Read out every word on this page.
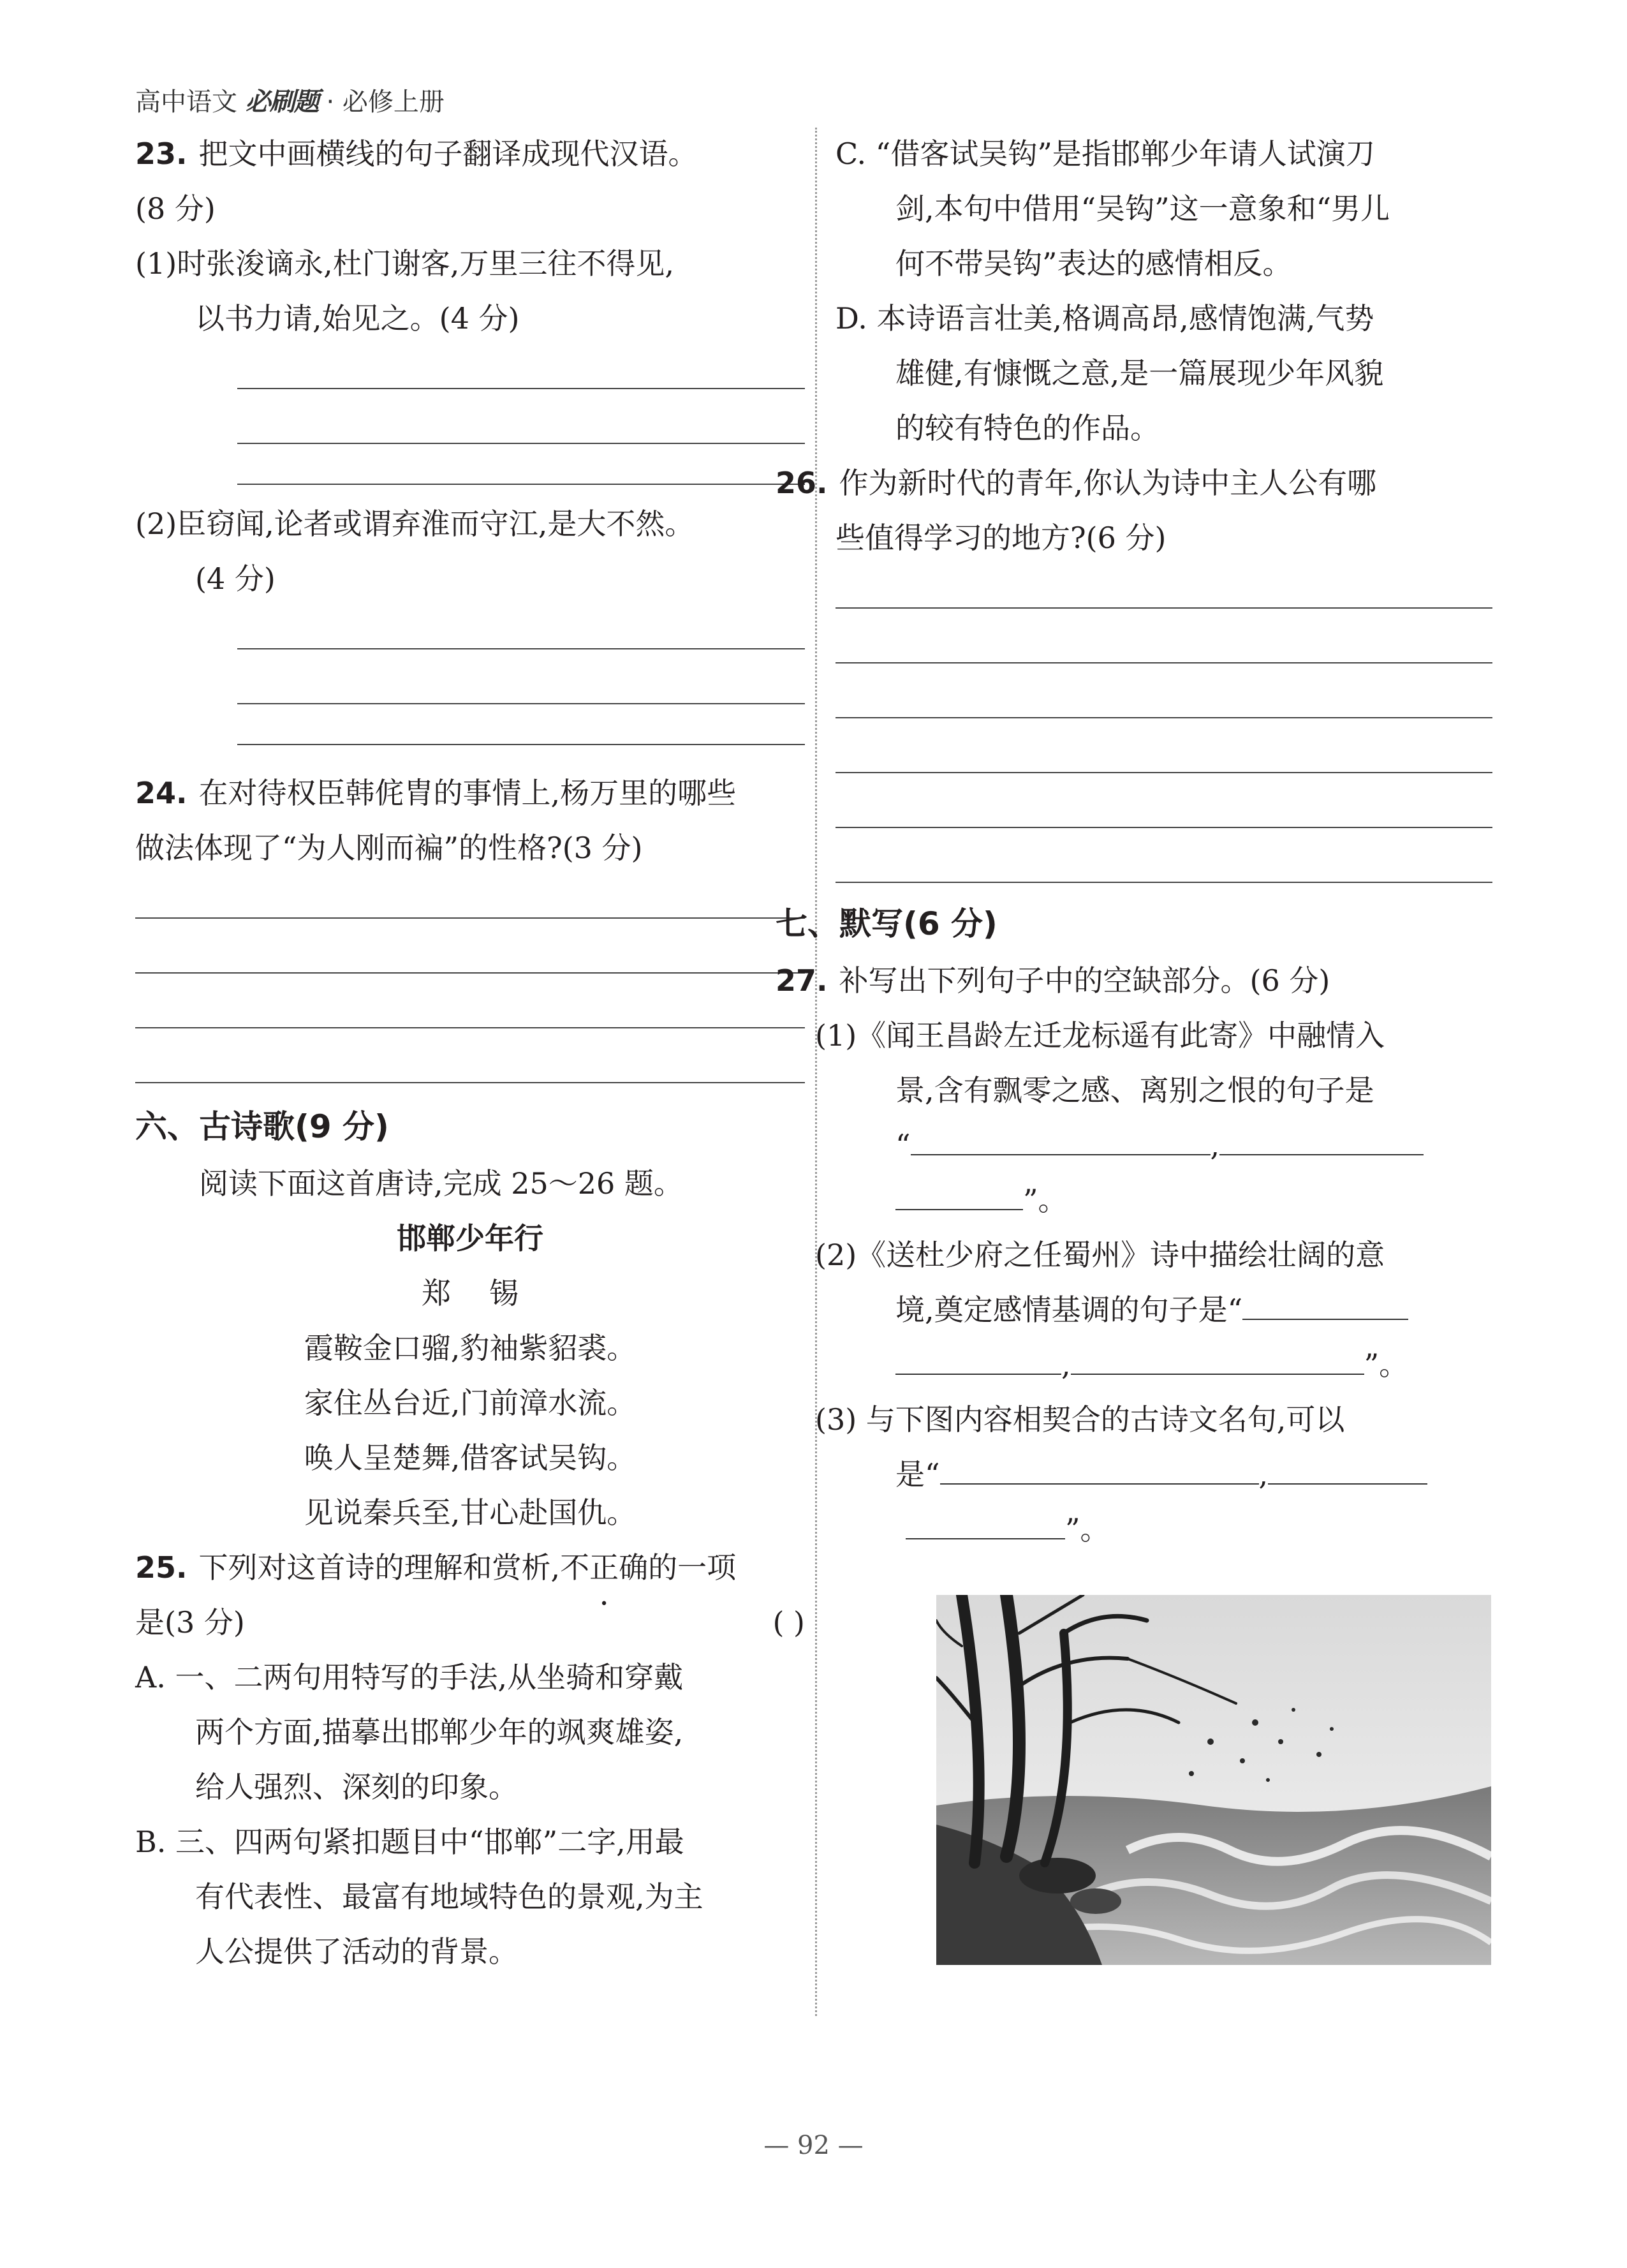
高中语文 必刷题 · 必修上册
23. 把文中画横线的句子翻译成现代汉语。
(8 分)
(1)时张浚谪永,杜门谢客,万里三往不得见,
以书力请,始见之。(4 分)
(2)臣窃闻,论者或谓弃淮而守江,是大不然。
(4 分)
24. 在对待权臣韩侂胄的事情上,杨万里的哪些
做法体现了“为人刚而褊”的性格?(3 分)
六、古诗歌(9 分)
阅读下面这首唐诗,完成 25～26 题。
邯郸少年行
郑锡
霞鞍金口骝,豹袖紫貂裘。
家住丛台近,门前漳水流。
唤人呈楚舞,借客试吴钩。
见说秦兵至,甘心赴国仇。
25. 下列对这首诗的理解和赏析,不正确的一项
是(3 分)	( )
A. 一、二两句用特写的手法,从坐骑和穿戴
两个方面,描摹出邯郸少年的飒爽雄姿,
给人强烈、深刻的印象。
B. 三、四两句紧扣题目中“邯郸”二字,用最
有代表性、最富有地域特色的景观,为主
人公提供了活动的背景。
C. “借客试吴钩”是指邯郸少年请人试演刀
剑,本句中借用“吴钩”这一意象和“男儿
何不带吴钩”表达的感情相反。
D. 本诗语言壮美,格调高昂,感情饱满,气势
雄健,有慷慨之意,是一篇展现少年风貌
的较有特色的作品。
26. 作为新时代的青年,你认为诗中主人公有哪
些值得学习的地方?(6 分)
七、默写(6 分)
27. 补写出下列句子中的空缺部分。(6 分)
(1)《闻王昌龄左迁龙标遥有此寄》中融情入
景,含有飘零之感、离别之恨的句子是
“	,
”。
(2)《送杜少府之任蜀州》诗中描绘壮阔的意
境,奠定感情基调的句子是“
,	”。
(3) 与下图内容相契合的古诗文名句,可以
是“	,
”。
— 92 —
